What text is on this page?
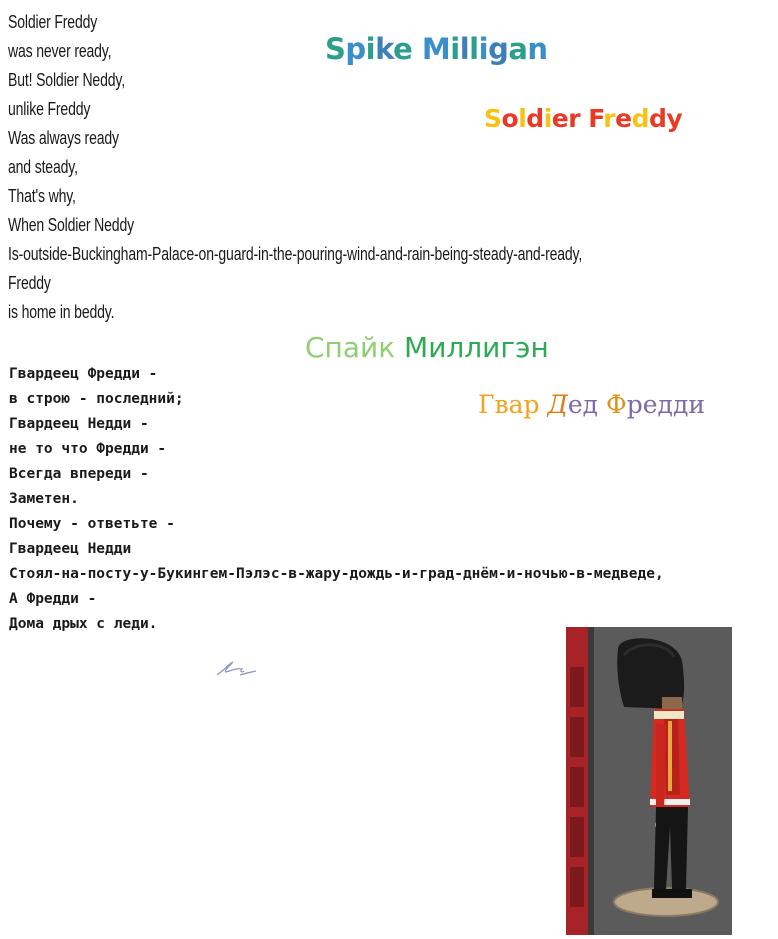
Soldier Freddy
was never ready,
But! Soldier Neddy,
unlike Freddy
Was always ready
and steady,
That's why,
When Soldier Neddy
Is-outside-Buckingham-Palace-on-guard-in-the-pouring-wind-and-rain-being-steady-and-ready,
Freddy
is home in beddy.
Spike Milligan
Soldier Freddy
Спайк Миллигэн
Гвар Дед Фредди
Гвардеец Фредди -
в строю - последний;
Гвардеец Недди -
не то что Фредди -
Всегда впереди -
Заметен.
Почему - ответьте -
Гвардеец Недди
Стоял-на-посту-у-Букингем-Пэлэс-в-жару-дождь-и-град-днём-и-ночью-в-медведе,
А Фредди -
Дома дрых с леди.
